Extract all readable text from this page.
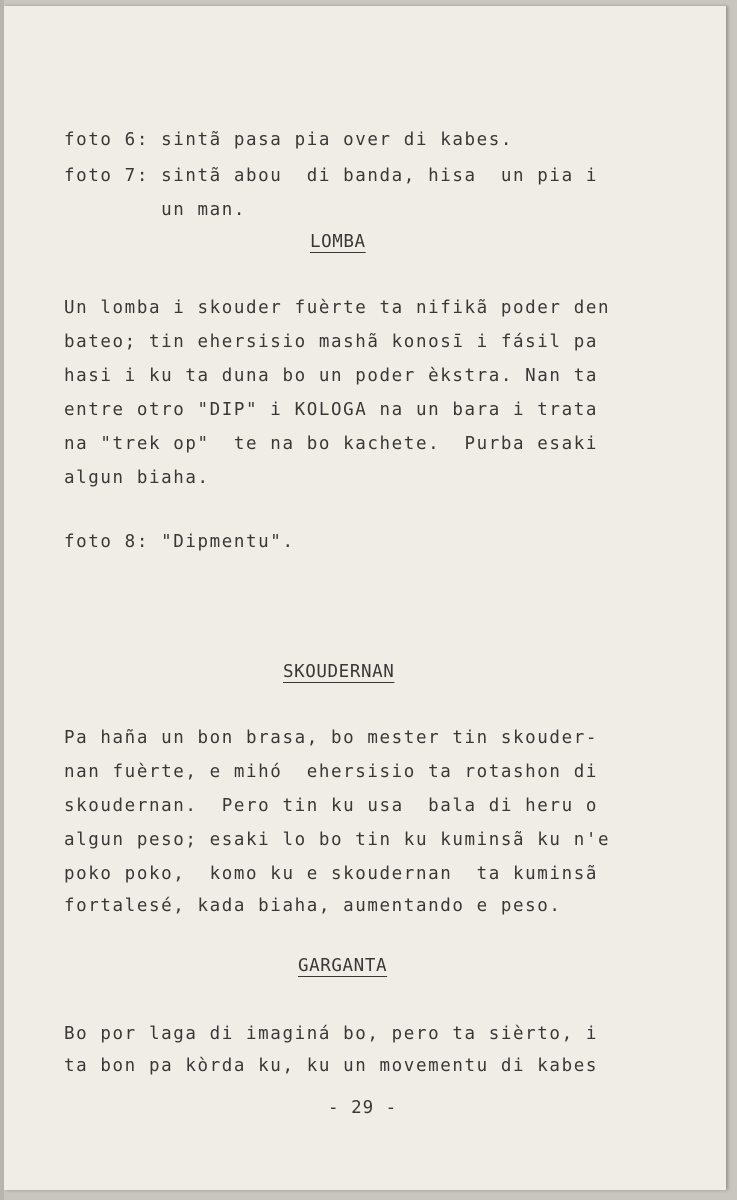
foto 6: sintã pasa pia over di kabes.
foto 7: sintã abou  di banda, hisa  un pia i
un man.
LOMBA
Un lomba i skouder fuèrte ta nifikã poder den
bateo; tin ehersisio mashã konosī i fásil pa
hasi i ku ta duna bo un poder èkstra. Nan ta
entre otro "DIP" i KOLOGA na un bara i trata
na "trek op"  te na bo kachete.  Purba esaki
algun biaha.
foto 8: "Dipmentu".
SKOUDERNAN
Pa haña un bon brasa, bo mester tin skouder-
nan fuèrte, e mihó  ehersisio ta rotashon di
skoudernan.  Pero tin ku usa  bala di heru o
algun peso; esaki lo bo tin ku kuminsã ku n'e
poko poko,  komo ku e skoudernan  ta kuminsã
fortalesé, kada biaha, aumentando e peso.
GARGANTA
Bo por laga di imaginá bo, pero ta sièrto, i
ta bon pa kòrda ku, ku un movementu di kabes
- 29 -
